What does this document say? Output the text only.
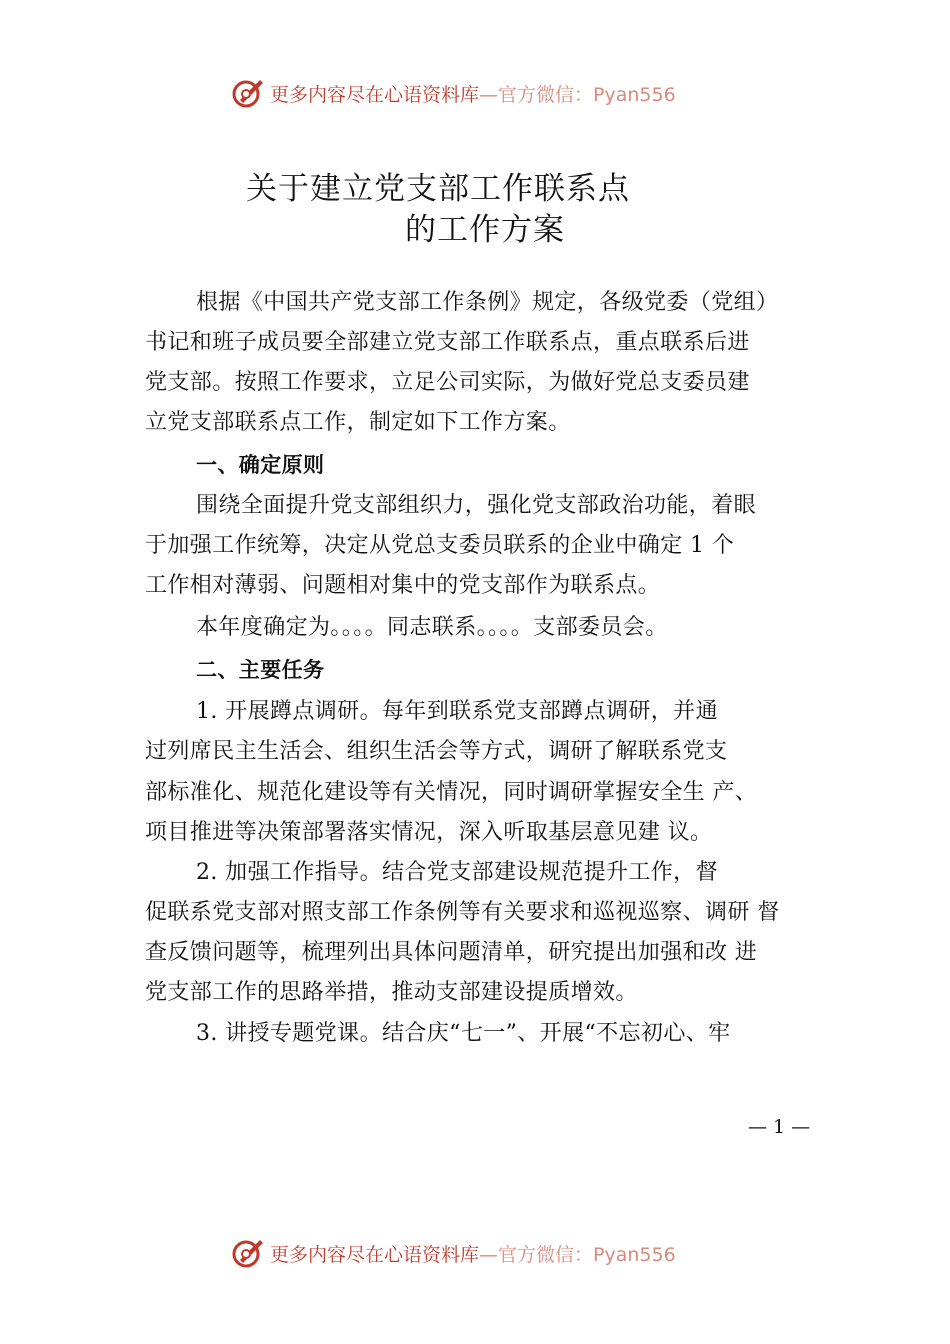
更多内容尽在心语资料库—官方微信：Pyan556
关于建立党支部工作联系点
的工作方案
根据《中国共产党支部工作条例》规定，各级党委（党组）
书记和班子成员要全部建立党支部工作联系点，重点联系后进
党支部。按照工作要求，立足公司实际，为做好党总支委员建
立党支部联系点工作，制定如下工作方案。
一、确定原则
围绕全面提升党支部组织力，强化党支部政治功能，着眼
于加强工作统筹，决定从党总支委员联系的企业中确定 1 个
工作相对薄弱、问题相对集中的党支部作为联系点。
本年度确定为。。。。同志联系。。。。支部委员会。
二、主要任务
1. 开展蹲点调研。每年到联系党支部蹲点调研，并通
过列席民主生活会、组织生活会等方式，调研了解联系党支
部标准化、规范化建设等有关情况，同时调研掌握安全生 产、
项目推进等决策部署落实情况，深入听取基层意见建 议。
2. 加强工作指导。结合党支部建设规范提升工作，督
促联系党支部对照支部工作条例等有关要求和巡视巡察、调研 督
查反馈问题等，梳理列出具体问题清单，研究提出加强和改 进
党支部工作的思路举措，推动支部建设提质增效。
3. 讲授专题党课。结合庆“七一”、开展“不忘初心、牢
— 1 —
更多内容尽在心语资料库—官方微信：Pyan556
